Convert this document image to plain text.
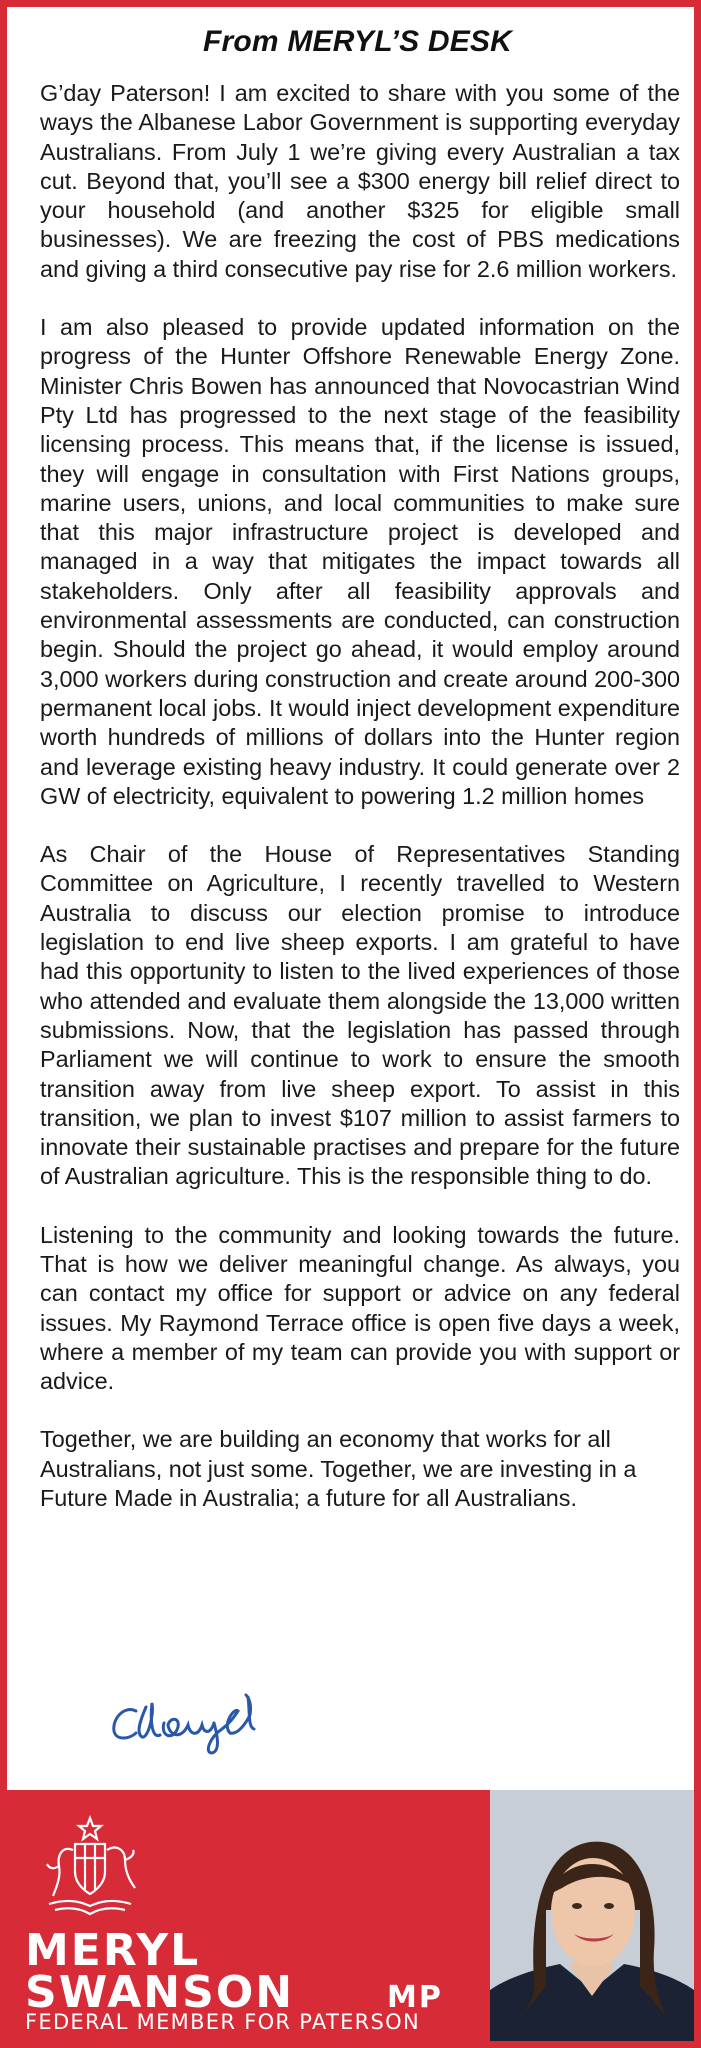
From MERYL’S DESK

G’day Paterson! I am excited to share with you some of the ways the Albanese Labor Government is supporting everyday Australians. From July 1 we’re giving every Australian a tax cut. Beyond that, you’ll see a $300 energy bill relief direct to your household (and another $325 for eligible small businesses). We are freezing the cost of PBS medications and giving a third consecutive pay rise for 2.6 million workers.

I am also pleased to provide updated information on the progress of the Hunter Offshore Renewable Energy Zone. Minister Chris Bowen has announced that Novocastrian Wind Pty Ltd has progressed to the next stage of the feasibility licensing process. This means that, if the license is issued, they will engage in consultation with First Nations groups, marine users, unions, and local communities to make sure that this major infrastructure project is developed and managed in a way that mitigates the impact towards all stakeholders. Only after all feasibility approvals and environmental assessments are conducted, can construction begin. Should the project go ahead, it would employ around 3,000 workers during construction and create around 200-300 permanent local jobs. It would inject development expenditure worth hundreds of millions of dollars into the Hunter region and leverage existing heavy industry. It could generate over 2 GW of electricity, equivalent to powering 1.2 million homes

As Chair of the House of Representatives Standing Committee on Agriculture, I recently travelled to Western Australia to discuss our election promise to introduce legislation to end live sheep exports. I am grateful to have had this opportunity to listen to the lived experiences of those who attended and evaluate them alongside the 13,000 written submissions. Now, that the legislation has passed through Parliament we will continue to work to ensure the smooth transition away from live sheep export. To assist in this transition, we plan to invest $107 million to assist farmers to innovate their sustainable practises and prepare for the future of Australian agriculture. This is the responsible thing to do.

Listening to the community and looking towards the future. That is how we deliver meaningful change. As always, you can contact my office for support or advice on any federal issues. My Raymond Terrace office is open five days a week, where a member of my team can provide you with support or advice.

Together, we are building an economy that works for all Australians, not just some. Together, we are investing in a Future Made in Australia; a future for all Australians.

MERYL
SWANSON	MP
FEDERAL MEMBER FOR PATERSON
